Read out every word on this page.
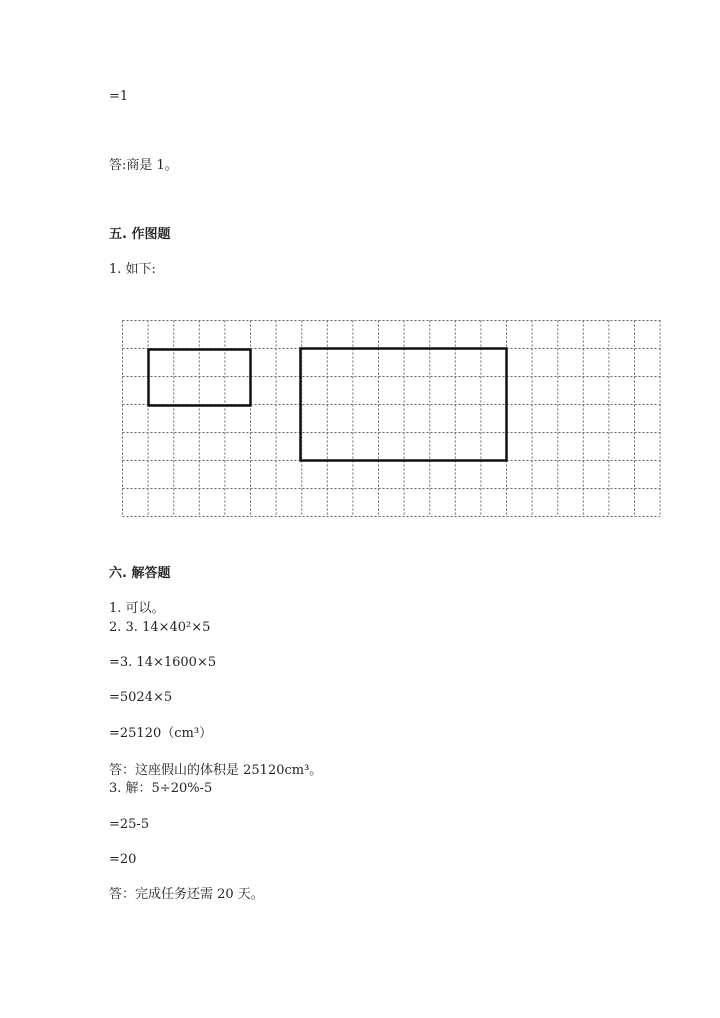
=1
答:商是 1。
五. 作图题
1. 如下:
六. 解答题
1. 可以。
2. 3. 14×40²×5
=3. 14×1600×5
=5024×5
=25120（cm³）
答：这座假山的体积是 25120cm³。
3. 解：5÷20%-5
=25-5
=20
答：完成任务还需 20 天。
